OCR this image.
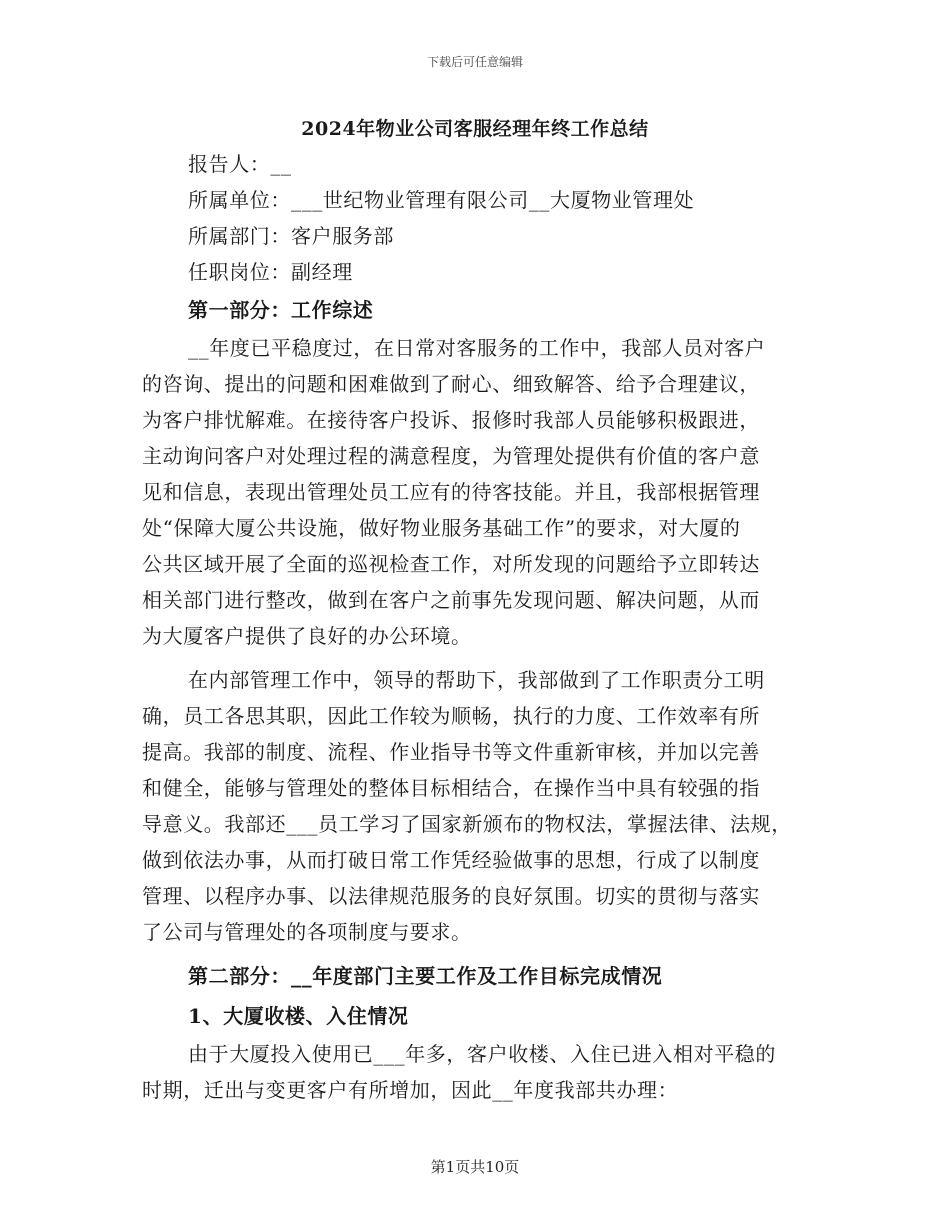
下载后可任意编辑
2024年物业公司客服经理年终工作总结
报告人：__
所属单位：___世纪物业管理有限公司__大厦物业管理处
所属部门：客户服务部
任职岗位：副经理
第一部分：工作综述
__年度已平稳度过，在日常对客服务的工作中，我部人员对客户
的咨询、提出的问题和困难做到了耐心、细致解答、给予合理建议，
为客户排忧解难。在接待客户投诉、报修时我部人员能够积极跟进，
主动询问客户对处理过程的满意程度，为管理处提供有价值的客户意
见和信息，表现出管理处员工应有的待客技能。并且，我部根据管理
处“保障大厦公共设施，做好物业服务基础工作”的要求，对大厦的
公共区域开展了全面的巡视检查工作，对所发现的问题给予立即转达
相关部门进行整改，做到在客户之前事先发现问题、解决问题，从而
为大厦客户提供了良好的办公环境。
在内部管理工作中，领导的帮助下，我部做到了工作职责分工明
确，员工各思其职，因此工作较为顺畅，执行的力度、工作效率有所
提高。我部的制度、流程、作业指导书等文件重新审核，并加以完善
和健全，能够与管理处的整体目标相结合，在操作当中具有较强的指
导意义。我部还___员工学习了国家新颁布的物权法，掌握法律、法规，
做到依法办事，从而打破日常工作凭经验做事的思想，行成了以制度
管理、以程序办事、以法律规范服务的良好氛围。切实的贯彻与落实
了公司与管理处的各项制度与要求。
第二部分：__年度部门主要工作及工作目标完成情况
1、大厦收楼、入住情况
由于大厦投入使用已___年多，客户收楼、入住已进入相对平稳的
时期，迁出与变更客户有所增加，因此__年度我部共办理：
第1页共10页
